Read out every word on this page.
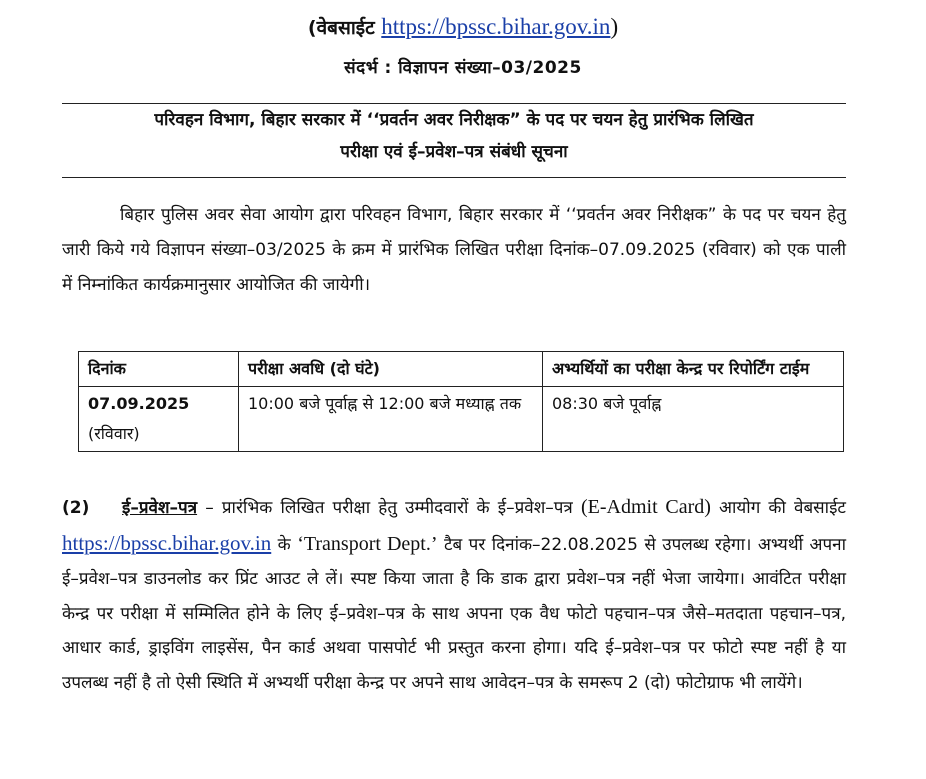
(वेबसाईट https://bpssc.bihar.gov.in)
संदर्भ : विज्ञापन संख्या–03/2025
परिवहन विभाग, बिहार सरकार में ‘‘प्रवर्तन अवर निरीक्षक” के पद पर चयन हेतु प्रारंभिक लिखित
परीक्षा एवं ई–प्रवेश–पत्र संबंधी सूचना
बिहार पुलिस अवर सेवा आयोग द्वारा परिवहन विभाग, बिहार सरकार में ‘‘प्रवर्तन अवर निरीक्षक” के पद पर चयन हेतु जारी किये गये विज्ञापन संख्या–03/2025 के क्रम में प्रारंभिक लिखित परीक्षा दिनांक–07.09.2025 (रविवार) को एक पाली में निम्नांकित कार्यक्रमानुसार आयोजित की जायेगी।
दिनांक	परीक्षा अवधि (दो घंटे)	अभ्यर्थियों का परीक्षा केन्द्र पर रिपोर्टिंग टाईम

07.09.2025
(रविवार)	10:00 बजे पूर्वाह्न से 12:00 बजे मध्याह्न तक	08:30 बजे पूर्वाह्न
(2) ई–प्रवेश–पत्र – प्रारंभिक लिखित परीक्षा हेतु उम्मीदवारों के ई–प्रवेश–पत्र (E-Admit Card) आयोग की वेबसाईट https://bpssc.bihar.gov.in के ‘Transport Dept.’ टैब पर दिनांक–22.08.2025 से उपलब्ध रहेगा। अभ्यर्थी अपना ई–प्रवेश–पत्र डाउनलोड कर प्रिंट आउट ले लें। स्पष्ट किया जाता है कि डाक द्वारा प्रवेश–पत्र नहीं भेजा जायेगा। आवंटित परीक्षा केन्द्र पर परीक्षा में सम्मिलित होने के लिए ई–प्रवेश–पत्र के साथ अपना एक वैध फोटो पहचान–पत्र जैसे–मतदाता पहचान–पत्र, आधार कार्ड, ड्राइविंग लाइसेंस, पैन कार्ड अथवा पासपोर्ट भी प्रस्तुत करना होगा। यदि ई–प्रवेश–पत्र पर फोटो स्पष्ट नहीं है या उपलब्ध नहीं है तो ऐसी स्थिति में अभ्यर्थी परीक्षा केन्द्र पर अपने साथ आवेदन–पत्र के समरूप 2 (दो) फोटोग्राफ भी लायेंगे।
